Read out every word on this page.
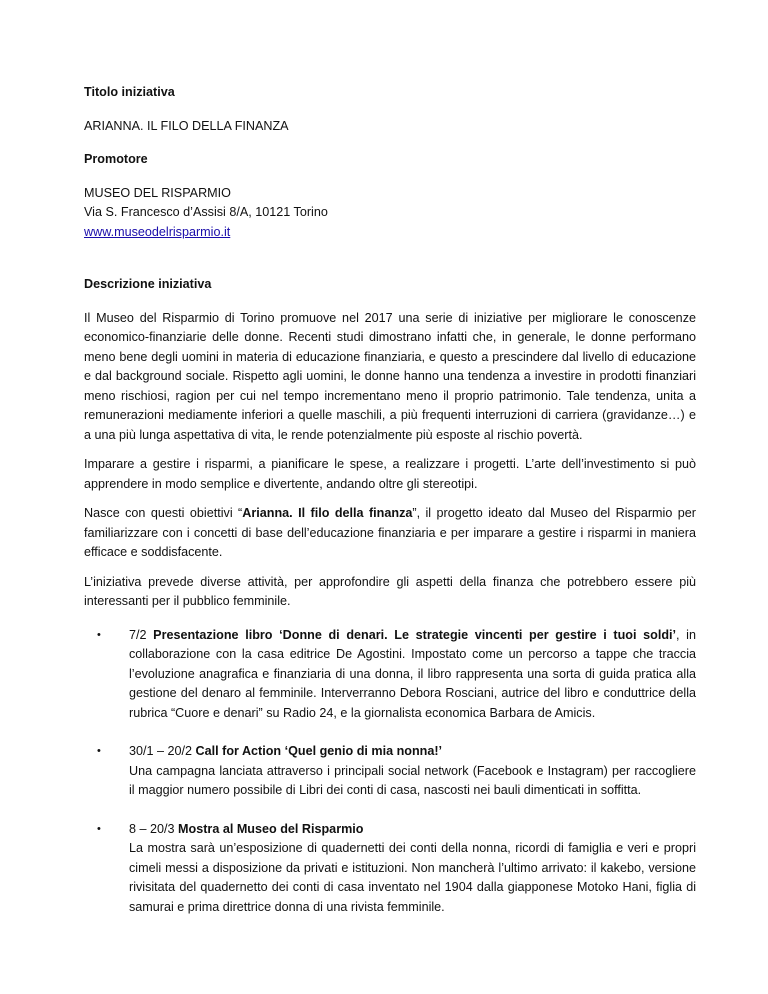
Titolo iniziativa

ARIANNA. IL FILO DELLA FINANZA

Promotore

MUSEO DEL RISPARMIO

Via S. Francesco d’Assisi 8/A, 10121 Torino

www.museodelrisparmio.it

Descrizione iniziativa

Il Museo del Risparmio di Torino promuove nel 2017 una serie di iniziative per migliorare le conoscenze economico-finanziarie delle donne. Recenti studi dimostrano infatti che, in generale, le donne performano meno bene degli uomini in materia di educazione finanziaria, e questo a prescindere dal livello di educazione e dal background sociale. Rispetto agli uomini, le donne hanno una tendenza a investire in prodotti finanziari meno rischiosi, ragion per cui nel tempo incrementano meno il proprio patrimonio. Tale tendenza, unita a remunerazioni mediamente inferiori a quelle maschili, a più frequenti interruzioni di carriera (gravidanze…) e a una più lunga aspettativa di vita, le rende potenzialmente più esposte al rischio povertà.

Imparare a gestire i risparmi, a pianificare le spese, a realizzare i progetti. L’arte dell’investimento si può apprendere in modo semplice e divertente, andando oltre gli stereotipi.

Nasce con questi obiettivi “Arianna. Il filo della finanza”, il progetto ideato dal Museo del Risparmio per familiarizzare con i concetti di base dell’educazione finanziaria e per imparare a gestire i risparmi in maniera efficace e soddisfacente.

L’iniziativa prevede diverse attività, per approfondire gli aspetti della finanza che potrebbero essere più interessanti per il pubblico femminile.

• 7/2 Presentazione libro ‘Donne di denari. Le strategie vincenti per gestire i tuoi soldi’, in collaborazione con la casa editrice De Agostini. Impostato come un percorso a tappe che traccia l’evoluzione anagrafica e finanziaria di una donna, il libro rappresenta una sorta di guida pratica alla gestione del denaro al femminile. Interverranno Debora Rosciani, autrice del libro e conduttrice della rubrica “Cuore e denari” su Radio 24, e la giornalista economica Barbara de Amicis.
• 30/1 – 20/2 Call for Action ‘Quel genio di mia nonna!’
Una campagna lanciata attraverso i principali social network (Facebook e Instagram) per raccogliere il maggior numero possibile di Libri dei conti di casa, nascosti nei bauli dimenticati in soffitta.
• 8 – 20/3 Mostra al Museo del Risparmio
La mostra sarà un’esposizione di quadernetti dei conti della nonna, ricordi di famiglia e veri e propri cimeli messi a disposizione da privati e istituzioni. Non mancherà l’ultimo arrivato: il kakebo, versione rivisitata del quadernetto dei conti di casa inventato nel 1904 dalla giapponese Motoko Hani, figlia di samurai e prima direttrice donna di una rivista femminile.
